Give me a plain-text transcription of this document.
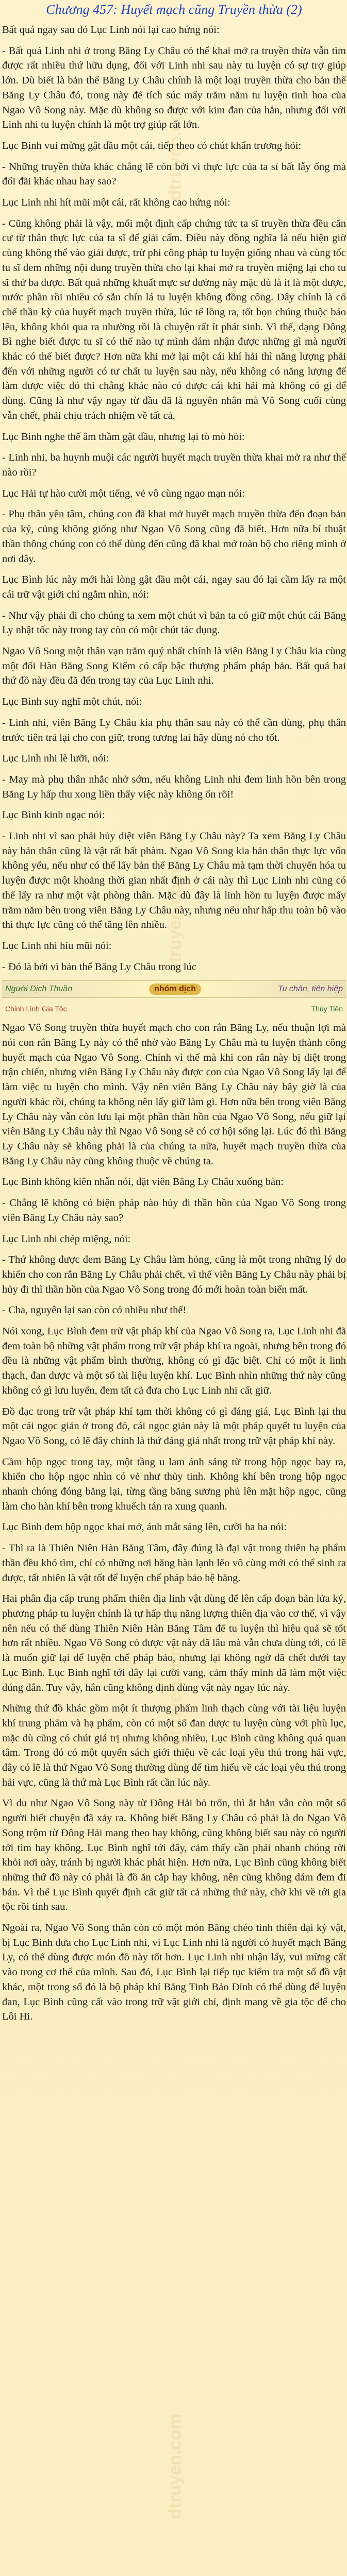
dtruyen.com
dtruyen.com
dtruyen.com
dtruyen.com
Chương 457: Huyết mạch cũng Truyền thừa (2)

Bất quá ngay sau đó Lục Linh nói lại cao hứng nói:

- Bất quá Linh nhi ở trong Băng Ly Châu có thể khai mở ra truyền thừa vẫn tìm được rất nhiều thứ hữu dụng, đối với Linh nhi sau này tu luyện có sự trợ giúp lớn. Dù biết là bản thể Băng Ly Châu chính là một loại truyền thừa cho bản thể Băng Ly Châu đó, trong này để tích súc mấy trăm năm tu luyện tinh hoa của Ngao Vô Song này. Mặc dù không so được với kim đan của hắn, nhưng đối với Linh nhi tu luyện chính là một trợ giúp rất lớn.

Lục Bình vui mừng gật đầu một cái, tiếp theo có chút khẩn trương hỏi:

- Những truyền thừa khác chẳng lẽ còn bởi vì thực lực của ta sỉ bất lẫy ống mà đối đãi khác nhau hay sao?

Lục Linh nhi hít mũi một cái, rất không cao hứng nói:

- Cũng không phải là vậy, mối một định cấp chứng tức ta sĩ truyền thừa đều căn cư từ thân thực lực của ta sĩ để giải cấm. Điều này đồng nghĩa là nếu hiện giờ cùng không thể vào giải được, trừ phi công pháp tu luyện giống nhau và cùng tốc tu sĩ đem những nội dung truyền thừa cho lại khai mở ra truyền miệng lại cho tu sĩ thứ ba được. Bất quá những khuất mực sư đường này mặc dù là ít là một được, nước phần rồi nhiều có sẵn chín lá tu luyện không đồng công. Đây chính là cổ chế thần kỳ của huyết mạch truyền thừa, lúc tế lồng ra, tốt bọn chúng thuộc báo lên, không khói qua ra nhường rồi là chuyện rất ít phát sinh. Vì thế, dạng Đông Bì nghe biết được tu sĩ có thể nào tự mình dám nhận được những gì mà người khác có thể biết được? Hơn nữa khi mở lại một cái khí hải thì năng lượng phải đến với những người có tư chất tu luyện sau này, nếu không có năng lượng để làm được việc đó thì chẳng khác nào có được cái khí hải mà không có gì để dùng. Cũng là như vậy ngay từ đầu đã là nguyên nhân mà Vô Song cuối cùng vẫn chết, phải chịu trách nhiệm về tất cả.

Lục Bình nghe thế âm thầm gật đầu, nhưng lại tò mò hỏi:

- Linh nhi, ba huynh muội các người huyết mạch truyền thừa khai mở ra như thế nào rồi?

Lục Hải tự hào cười một tiếng, vẻ vô cùng ngạo mạn nói:

- Phụ thân yên tâm, chúng con đã khai mở huyết mạch truyền thừa đến đoạn bản của ký, củng không giống như Ngao Vô Song cũng đã biết. Hơn nữa bí thuật thần thông chúng con có thể dùng đến cũng đã khai mở toàn bộ cho riêng mình ở nơi đây.

Lục Bình lúc này mới hài lòng gật đầu một cái, ngay sau đó lại cầm lấy ra một cái trữ vật giới chỉ ngắm nhìn, nói:

- Như vậy phải đi cho chúng ta xem một chút vì bản ta có giữ một chút cái Băng Ly nhật tốc này trong tay còn có một chút tác dụng.

Ngao Vô Song một thân vạn trăm quý nhất chính là viên Băng Ly Châu kia cùng một đối Hàn Băng Song Kiếm có cấp bậc thượng phẩm pháp bảo. Bất quá hai thứ đồ này đều đã đến trong tay của Lục Linh nhi.

Lục Bình suy nghĩ một chút, nói:

- Linh nhi, viên Băng Ly Châu kia phụ thân sau này có thể cần dùng, phụ thân trước tiên trả lại cho con giữ, trong tương lai hãy dùng nó cho tốt.

Lục Linh nhi lè lưỡi, nói:

- May mà phụ thân nhắc nhở sớm, nếu không Linh nhi đem linh hồn bên trong Băng Ly hấp thu xong liền thấy việc này không ổn rồi!

Lục Bình kinh ngạc nói:

- Linh nhi vì sao phải hủy diệt viên Băng Ly Châu này? Ta xem Băng Ly Châu này bản thân cũng là vật rất bất phàm. Ngao Vô Song kia bản thân thực lực vốn không yếu, nếu như có thể lấy bản thể Băng Ly Châu mà tạm thời chuyển hóa tu luyện được một khoảng thời gian nhất định ở cái này thì Lục Linh nhi cũng có thể lấy ra như một vật phòng thân. Mặc dù đây là linh hồn tu luyện được mấy trăm năm bên trong viên Băng Ly Châu này, nhưng nếu như hấp thu toàn bộ vào thì thực lực cũng có thể tăng lên nhiều.

Lục Linh nhi híu mũi nói:

- Đó là bởi vì bản thể Băng Ly Châu trong lúc

Người Dịch Thuần	nhóm dịch	Tu chân, tiên hiệp
Chinh Linh Gia Tộc	Thủy Tiên

Ngao Vô Song truyền thừa huyết mạch cho con rắn Băng Ly, nếu thuận lợi mà nói con rắn Băng Ly này có thể nhờ vào Băng Ly Châu mà tu luyện thành công huyết mạch của Ngao Vô Song. Chính vì thế mà khi con rắn này bị diệt trong trận chiến, nhưng viên Băng Ly Châu này được con của Ngao Vô Song lấy lại để làm việc tu luyện cho mình. Vậy nên viên Băng Ly Châu này bây giờ là của người khác rồi, chúng ta không nên lấy giữ làm gì. Hơn nữa bên trong viên Băng Ly Châu này vẫn còn lưu lại một phần thần hồn của Ngao Vô Song, nếu giữ lại viên Băng Ly Châu này thì Ngao Vô Song sẽ có cơ hội sống lại. Lúc đó thì Băng Ly Châu này sẽ không phải là của chúng ta nữa, huyết mạch truyền thừa của Băng Ly Châu này cũng không thuộc về chúng ta.

Lục Bình không kiên nhẫn nói, đặt viên Băng Ly Châu xuống bàn:

- Chẳng lẽ không có biện pháp nào hủy đi thần hồn của Ngao Vô Song trong viên Băng Ly Châu này sao?

Lục Linh nhi chép miệng, nói:

- Thứ không được đem Băng Ly Châu làm hỏng, cũng là một trong những lý do khiến cho con rắn Băng Ly Châu phải chết, vì thế viên Băng Ly Châu này phải bị hủy đi thì thần hồn của Ngao Vô Song trong đó mới hoàn toàn biến mất.

- Cha, nguyên lại sao còn có nhiều như thế!

Nói xong, Lục Bình đem trữ vật pháp khí của Ngao Vô Song ra, Lục Linh nhi đã đem toàn bộ những vật phẩm trong trữ vật pháp khí ra ngoài, nhưng bên trong đó đều là những vật phẩm bình thường, không có gì đặc biệt. Chỉ có một ít linh thạch, đan dược và một số tài liệu luyện khí. Lục Bình nhìn những thứ này cũng không có gì lưu luyến, đem tất cả đưa cho Lục Linh nhi cất giữ.

Đồ đạc trong trữ vật pháp khí tạm thời không có gì đáng giá, Lục Bình lại thu một cái ngọc giản ở trong đó, cái ngọc giản này là một pháp quyết tu luyện của Ngao Vô Song, có lẽ đây chính là thứ đáng giá nhất trong trữ vật pháp khí này.

Cầm hộp ngọc trong tay, một tầng u lam ánh sáng từ trong hộp ngọc bay ra, khiến cho hộp ngọc nhìn có vẻ như thủy tinh. Không khí bên trong hộp ngọc nhanh chóng đóng băng lại, từng tầng băng sương phủ lên mặt hộp ngọc, cũng làm cho hàn khí bên trong khuếch tán ra xung quanh.

Lục Bình đem hộp ngọc khai mở, ánh mắt sáng lên, cười ha ha nói:

- Thì ra là Thiên Niên Hàn Băng Tâm, đây đúng là đại vật trong thiên hạ phẩm thần đều khó tìm, chỉ có những nơi băng hàn lạnh lẽo vô cùng mới có thể sinh ra được, tất nhiên là vật tốt để luyện chế pháp bảo hệ băng.

Hai phân địa cấp trung phẩm thiên địa linh vật dùng để lên cấp đoạn bản lửa ký, phương pháp tu luyện chính là tự hấp thụ năng lượng thiên địa vào cơ thể, vì vậy nên nếu có thể dùng Thiên Niên Hàn Băng Tâm để tu luyện thì hiệu quả sẽ tốt hơn rất nhiều. Ngao Vô Song có được vật này đã lâu mà vẫn chưa dùng tới, có lẽ là muốn giữ lại để luyện chế pháp bảo, nhưng lại không ngờ đã chết dưới tay Lục Bình. Lục Bình nghĩ tới đây lại cười vang, cảm thấy mình đã làm một việc đúng đắn. Tuy vậy, hắn cũng không định dùng vật này ngay lúc này.

Những thứ đồ khác gồm một ít thượng phẩm linh thạch cùng với tài liệu luyện khí trung phẩm và hạ phẩm, còn có một số đan dược tu luyện cùng với phù lục, mặc dù cũng có chút giá trị nhưng không nhiều, Lục Bình cũng không quá quan tâm. Trong đó có một quyển sách giới thiệu về các loại yêu thú trong hải vực, đây có lẽ là thứ Ngao Vô Song thường dùng để tìm hiểu về các loại yêu thú trong hải vực, cũng là thứ mà Lục Bình rất cần lúc này.

Vì du như Ngao Vô Song này từ Đông Hải bỏ trốn, thì ắt hẳn vẫn còn một số người biết chuyện đã xảy ra. Không biết Băng Ly Châu có phải là do Ngao Vô Song trộm từ Đông Hải mang theo hay không, cũng không biết sau này có người tới tìm hay không. Lục Bình nghĩ tới đây, cảm thấy cần phải nhanh chóng rời khỏi nơi này, tránh bị người khác phát hiện. Hơn nữa, Lục Bình cũng không biết những thứ đồ này có phải là đồ ăn cắp hay không, nên cũng không dám đem đi bán. Vì thế Lục Bình quyết định cất giữ tất cả những thứ này, chờ khi về tới gia tộc rồi tính sau.

Ngoài ra, Ngao Vô Song thân còn có một món Băng chéo tinh thiên đại kỳ vật, bị Lục Bình đưa cho Lục Linh nhi, vì Lục Linh nhi là người có huyết mạch Băng Ly, có thể dùng được món đồ này tốt hơn. Lục Linh nhi nhận lấy, vui mừng cất vào trong cơ thể của mình. Sau đó, Lục Bình lại tiếp tục kiểm tra một số đồ vật khác, một trong số đó là bộ pháp khí Băng Tinh Bảo Đỉnh có thể dùng để luyện đan, Lục Bình cũng cất vào trong trữ vật giới chỉ, định mang về gia tộc để cho Lôi Hi.
